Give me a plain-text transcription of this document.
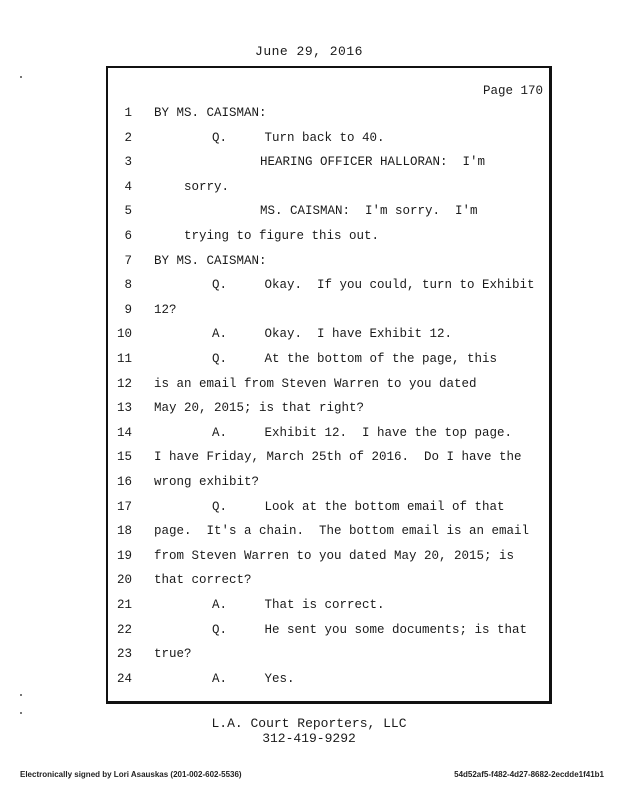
June 29, 2016
Page 170
1 BY MS. CAISMAN:
2	Q.     Turn back to 40.
3	HEARING OFFICER HALLORAN:  I'm
4	sorry.
5	MS. CAISMAN:  I'm sorry.  I'm
6	trying to figure this out.
7 BY MS. CAISMAN:
8	Q.     Okay.  If you could, turn to Exhibit
9 12?
10	A.     Okay.  I have Exhibit 12.
11	Q.     At the bottom of the page, this
12 is an email from Steven Warren to you dated
13 May 20, 2015; is that right?
14	A.     Exhibit 12.  I have the top page.
15 I have Friday, March 25th of 2016.  Do I have the
16 wrong exhibit?
17	Q.     Look at the bottom email of that
18 page.  It's a chain.  The bottom email is an email
19 from Steven Warren to you dated May 20, 2015; is
20 that correct?
21	A.     That is correct.
22	Q.     He sent you some documents; is that
23 true?
24	A.     Yes.
L.A. Court Reporters, LLC
312-419-9292
Electronically signed by Lori Asauskas (201-002-602-5536)	54d52af5-f482-4d27-8682-2ecdde1f41b1
